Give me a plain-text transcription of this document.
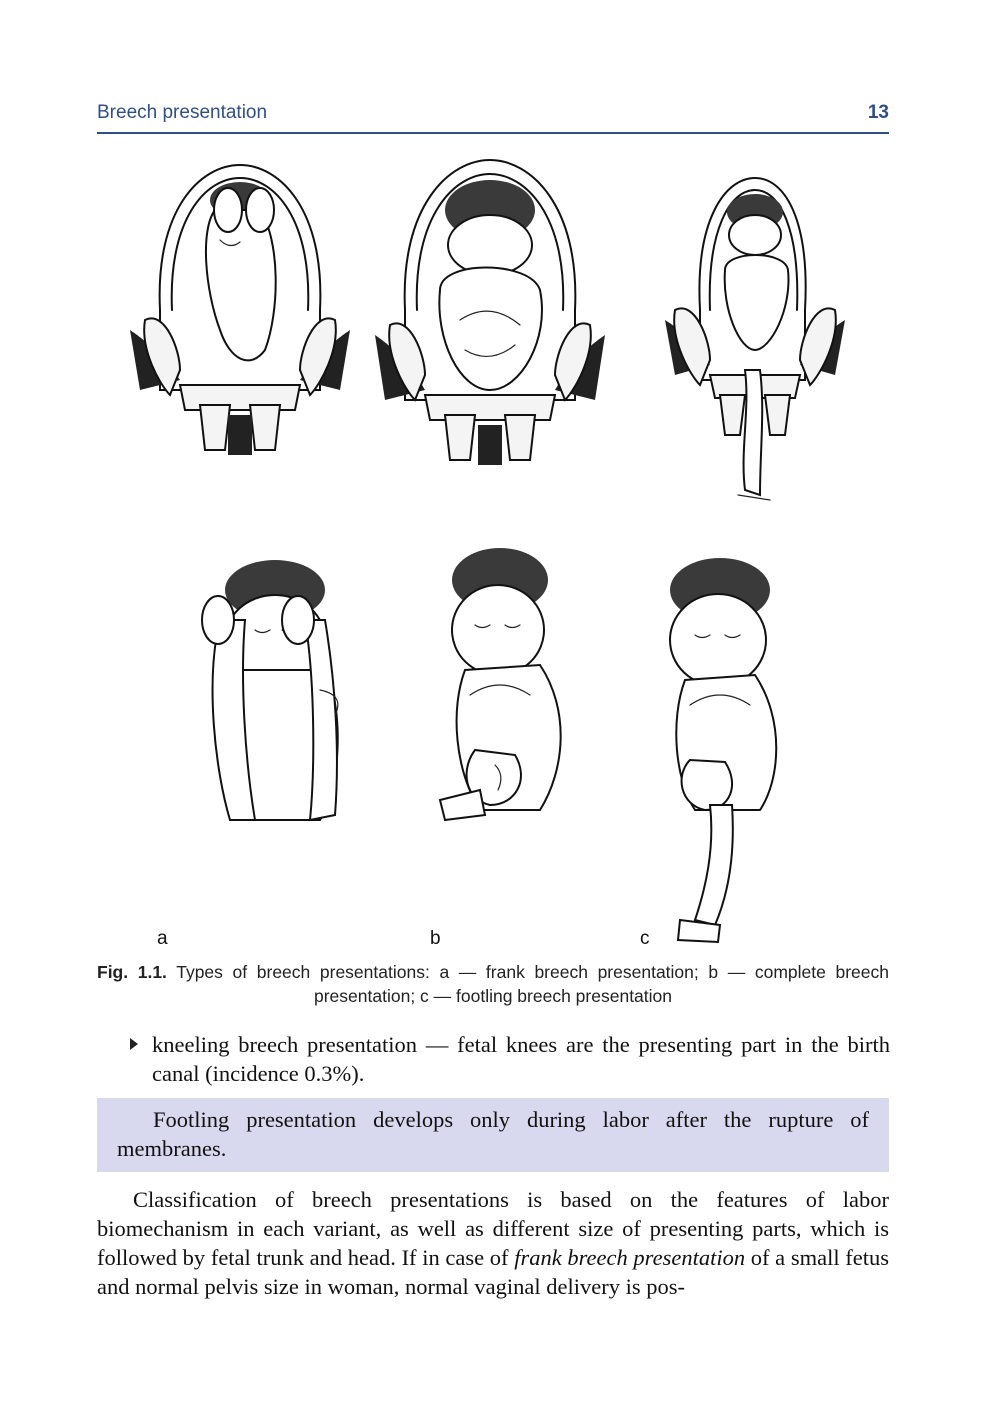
Breech presentation	13
a	b	c
Fig. 1.1. Types of breech presentations: a — frank breech presentation; b — complete breech presentation; c — footling breech presentation
kneeling breech presentation — fetal knees are the presenting part in the birth canal (incidence 0.3%).
Footling presentation develops only during labor after the rupture of membranes.
Classification of breech presentations is based on the features of labor biomechanism in each variant, as well as different size of presenting parts, which is followed by fetal trunk and head. If in case of frank breech presentation of a small fetus and normal pelvis size in woman, normal vaginal delivery is pos-
